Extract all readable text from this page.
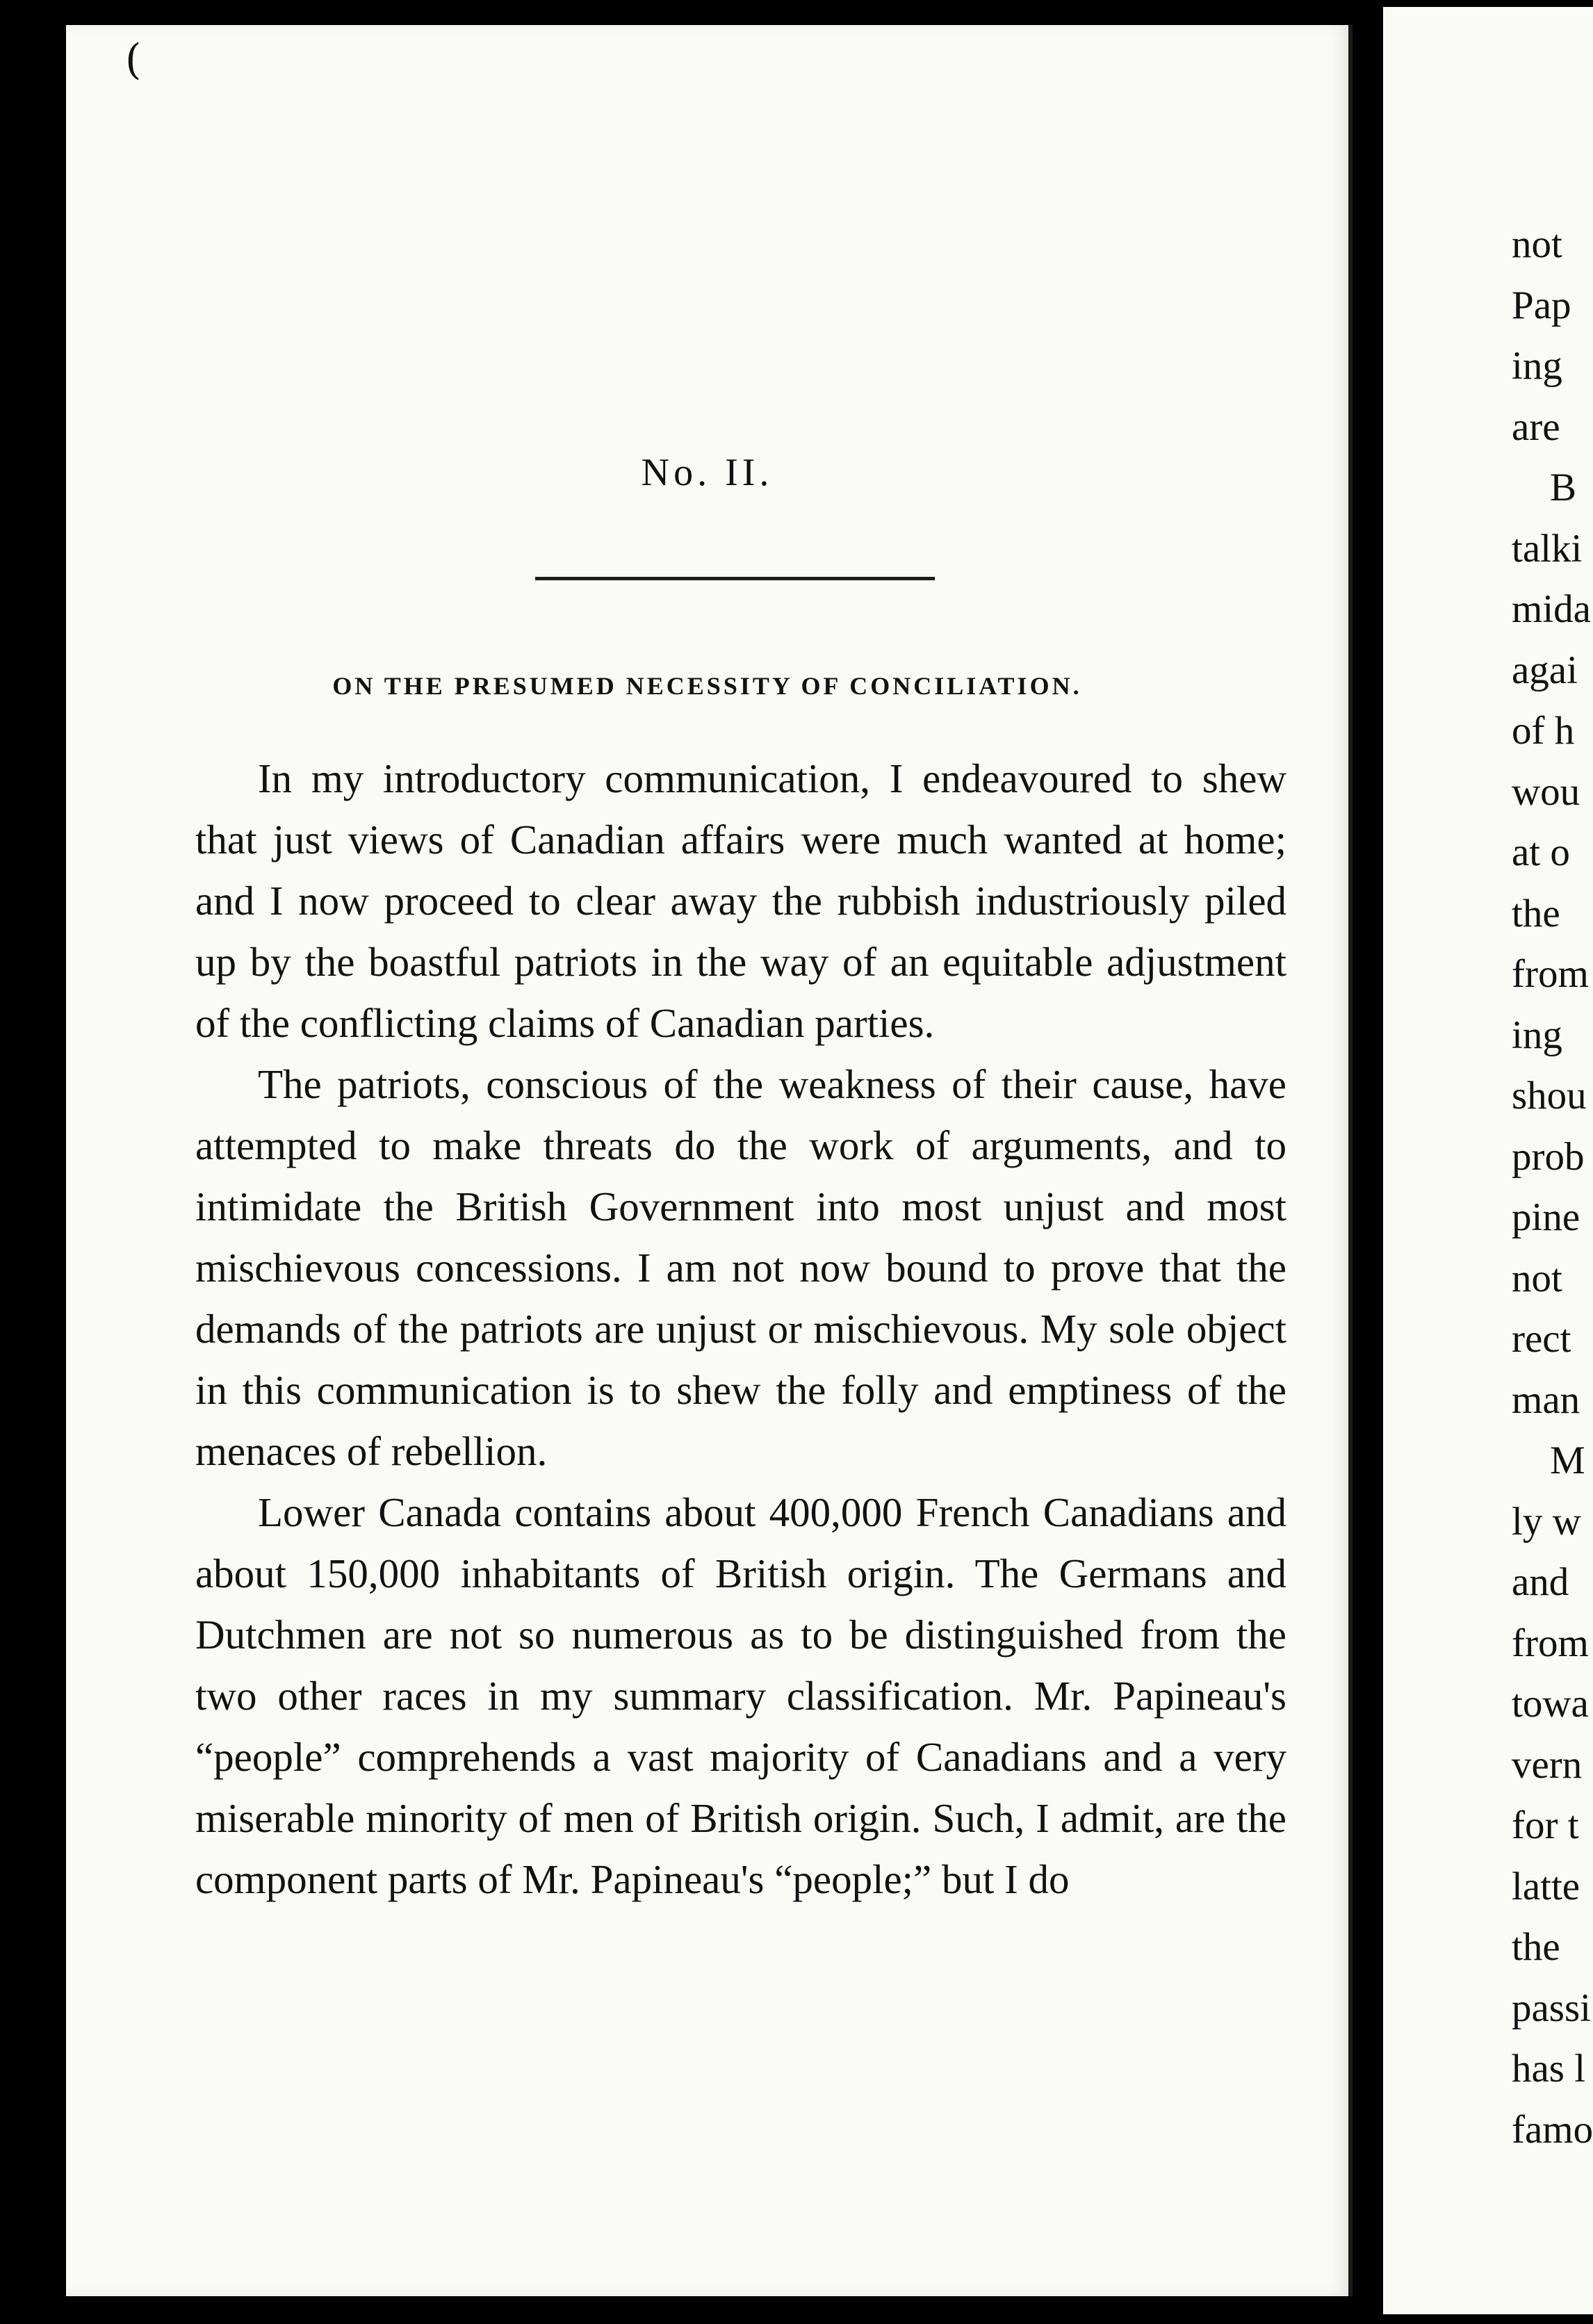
(
No. II.
ON THE PRESUMED NECESSITY OF CONCILIATION.

In my introductory communication, I endeavoured to shew that just views of Canadian affairs were much wanted at home; and I now proceed to clear away the rubbish industriously piled up by the boastful patriots in the way of an equitable adjustment of the conflicting claims of Canadian parties.

The patriots, conscious of the weakness of their cause, have attempted to make threats do the work of arguments, and to intimidate the British Government into most unjust and most mischievous concessions. I am not now bound to prove that the demands of the patriots are unjust or mischievous. My sole object in this communication is to shew the folly and emptiness of the menaces of rebellion.

Lower Canada contains about 400,000 French Canadians and about 150,000 inhabitants of British origin. The Germans and Dutchmen are not so numerous as to be distinguished from the two other races in my summary classification. Mr. Papineau's “people” comprehends a vast majority of Canadians and a very miserable minority of men of British origin. Such, I admit, are the component parts of Mr. Papineau's “people;” but I do

not
Pap
ing
are
B
talki
mida
agai
of h
wou
at o
the
from
ing
shou
prob
pine
not
rect
man
M
ly w
and
from
towa
vern
for t
latte
the
passi
has l
famo
